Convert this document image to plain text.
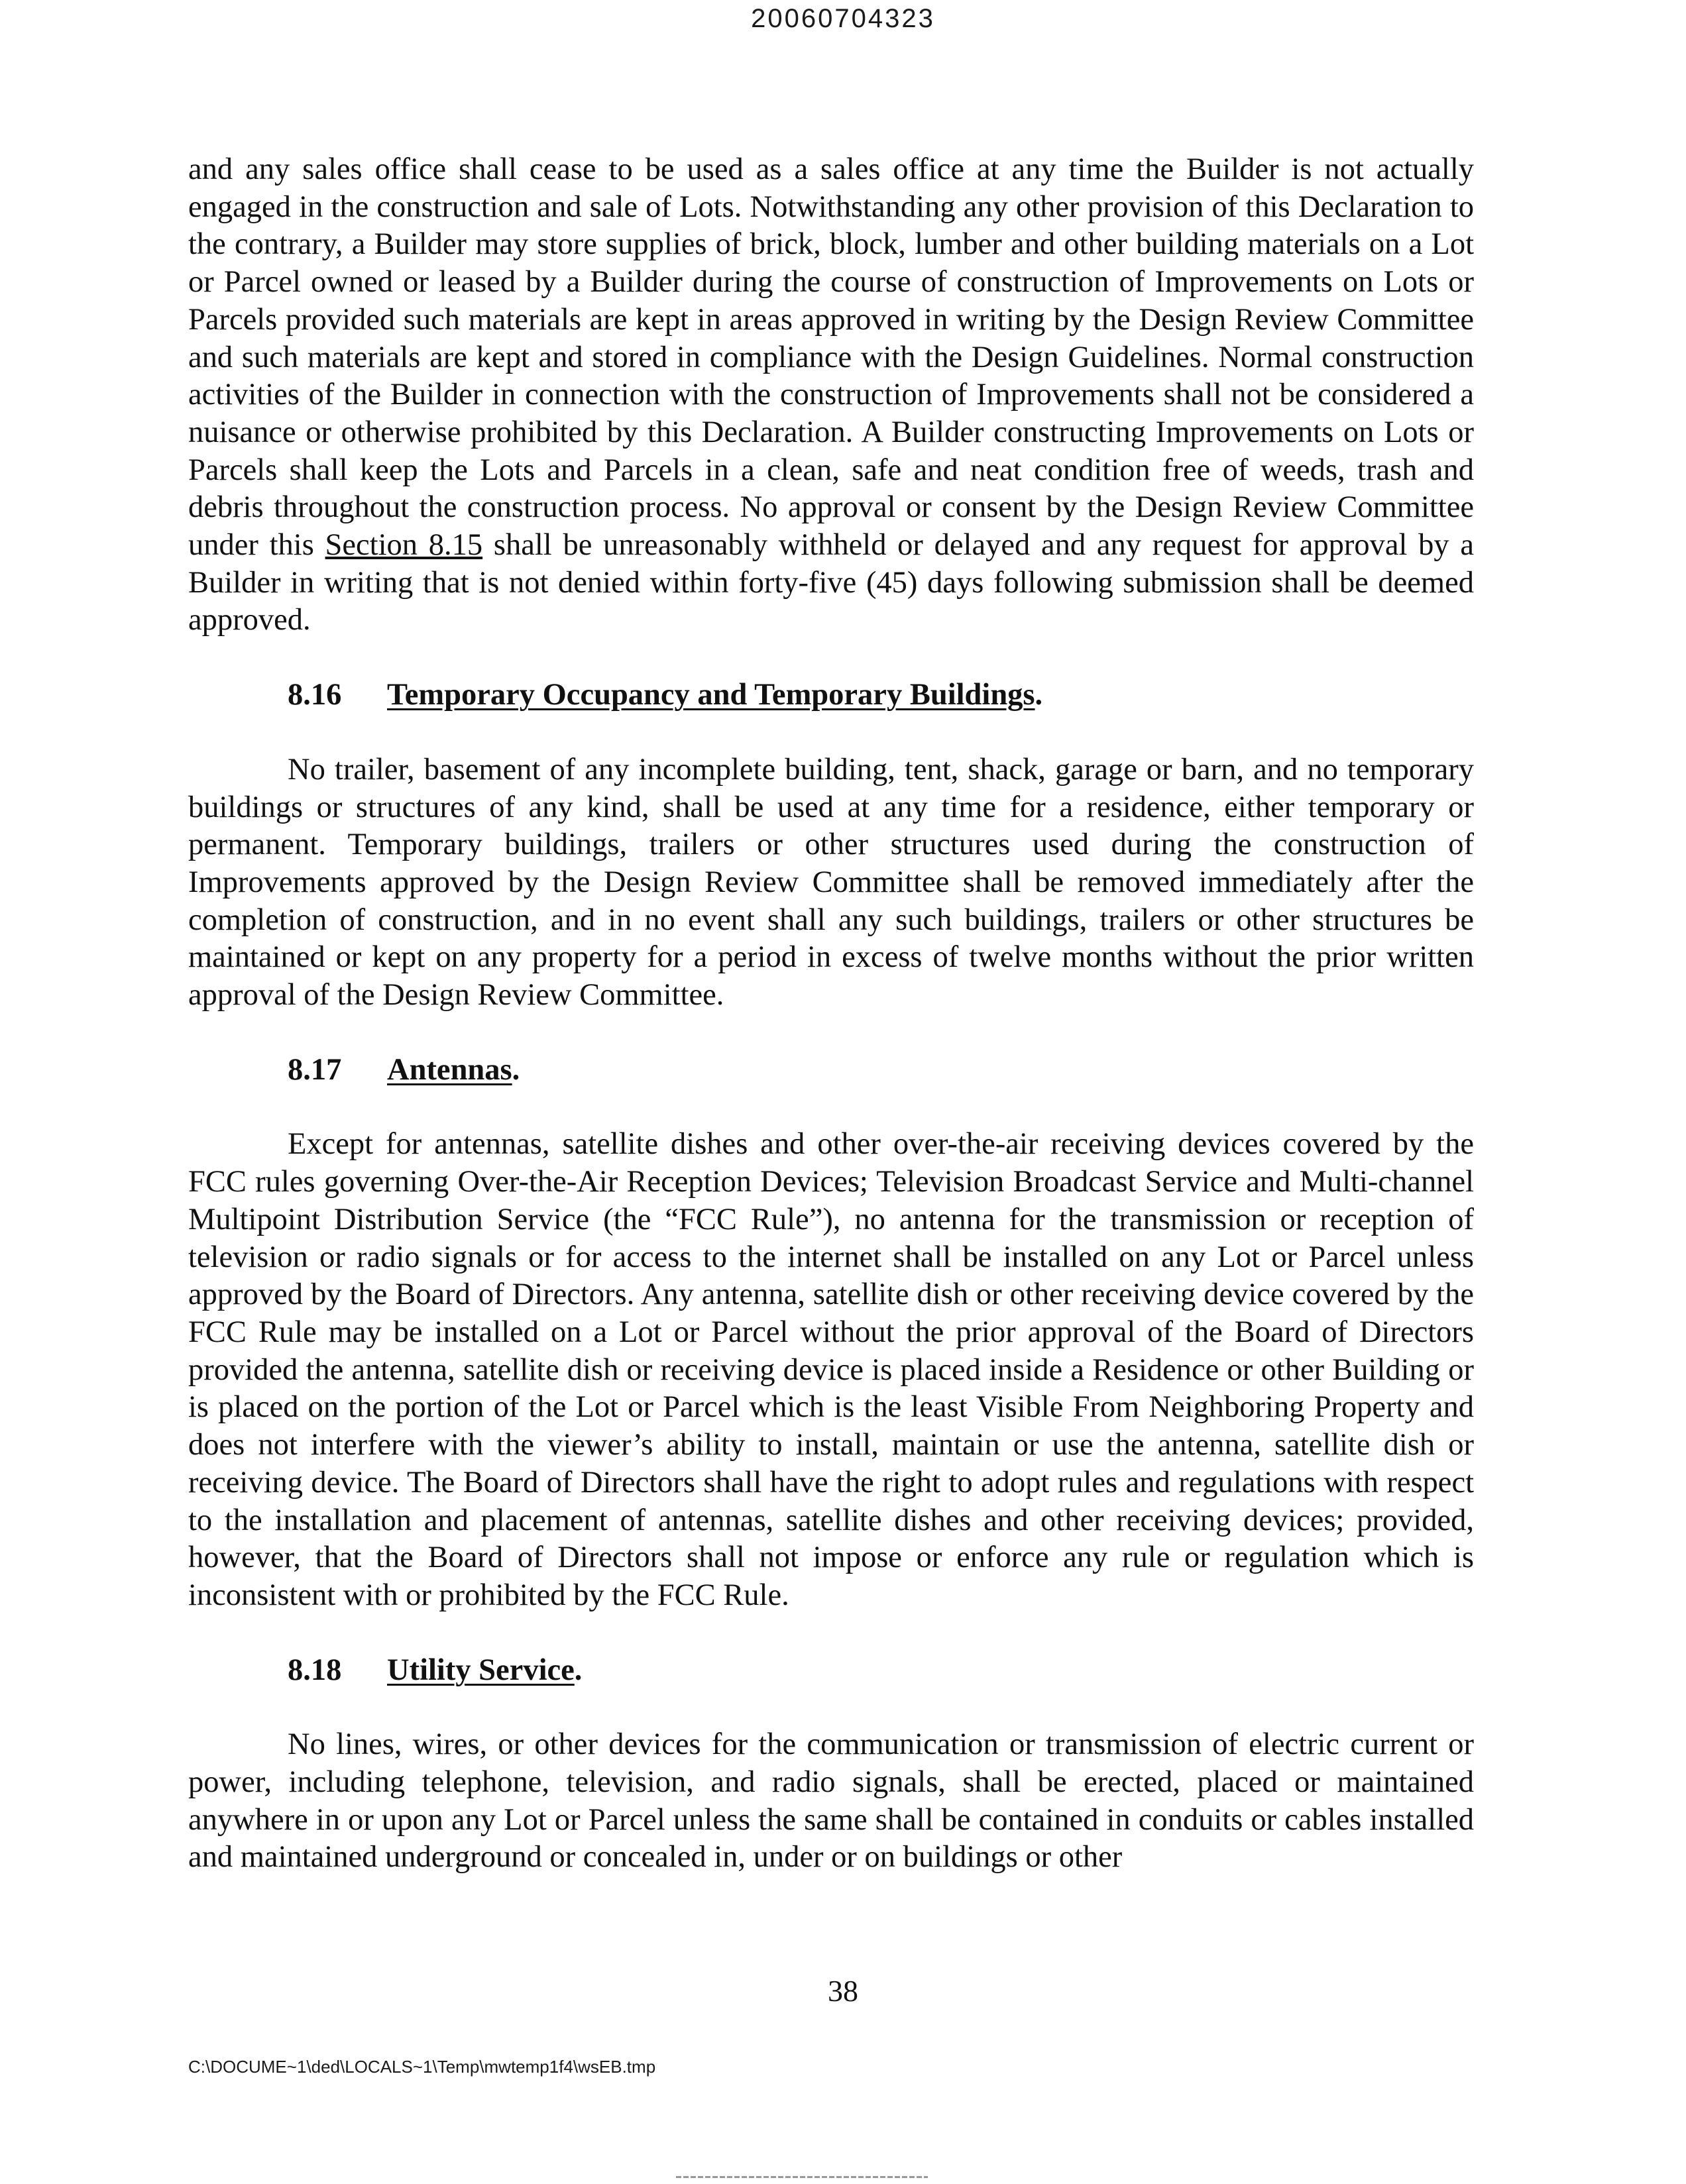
20060704323

and any sales office shall cease to be used as a sales office at any time the Builder is not actually engaged in the construction and sale of Lots. Notwithstanding any other provision of this Declaration to the contrary, a Builder may store supplies of brick, block, lumber and other building materials on a Lot or Parcel owned or leased by a Builder during the course of construction of Improvements on Lots or Parcels provided such materials are kept in areas approved in writing by the Design Review Committee and such materials are kept and stored in compliance with the Design Guidelines. Normal construction activities of the Builder in connection with the construction of Improvements shall not be considered a nuisance or otherwise prohibited by this Declaration. A Builder constructing Improvements on Lots or Parcels shall keep the Lots and Parcels in a clean, safe and neat condition free of weeds, trash and debris throughout the construction process. No approval or consent by the Design Review Committee under this Section 8.15 shall be unreasonably withheld or delayed and any request for approval by a Builder in writing that is not denied within forty-five (45) days following submission shall be deemed approved.

8.16 Temporary Occupancy and Temporary Buildings.

No trailer, basement of any incomplete building, tent, shack, garage or barn, and no temporary buildings or structures of any kind, shall be used at any time for a residence, either temporary or permanent. Temporary buildings, trailers or other structures used during the construction of Improvements approved by the Design Review Committee shall be removed immediately after the completion of construction, and in no event shall any such buildings, trailers or other structures be maintained or kept on any property for a period in excess of twelve months without the prior written approval of the Design Review Committee.

8.17 Antennas.

Except for antennas, satellite dishes and other over-the-air receiving devices covered by the FCC rules governing Over-the-Air Reception Devices; Television Broadcast Service and Multi-channel Multipoint Distribution Service (the “FCC Rule”), no antenna for the transmission or reception of television or radio signals or for access to the internet shall be installed on any Lot or Parcel unless approved by the Board of Directors. Any antenna, satellite dish or other receiving device covered by the FCC Rule may be installed on a Lot or Parcel without the prior approval of the Board of Directors provided the antenna, satellite dish or receiving device is placed inside a Residence or other Building or is placed on the portion of the Lot or Parcel which is the least Visible From Neighboring Property and does not interfere with the viewer’s ability to install, maintain or use the antenna, satellite dish or receiving device. The Board of Directors shall have the right to adopt rules and regulations with respect to the installation and placement of antennas, satellite dishes and other receiving devices; provided, however, that the Board of Directors shall not impose or enforce any rule or regulation which is inconsistent with or prohibited by the FCC Rule.

8.18 Utility Service.

No lines, wires, or other devices for the communication or transmission of electric current or power, including telephone, television, and radio signals, shall be erected, placed or maintained anywhere in or upon any Lot or Parcel unless the same shall be contained in conduits or cables installed and maintained underground or concealed in, under or on buildings or other

38
C:\DOCUME~1\ded\LOCALS~1\Temp\mwtemp1f4\wsEB.tmp
